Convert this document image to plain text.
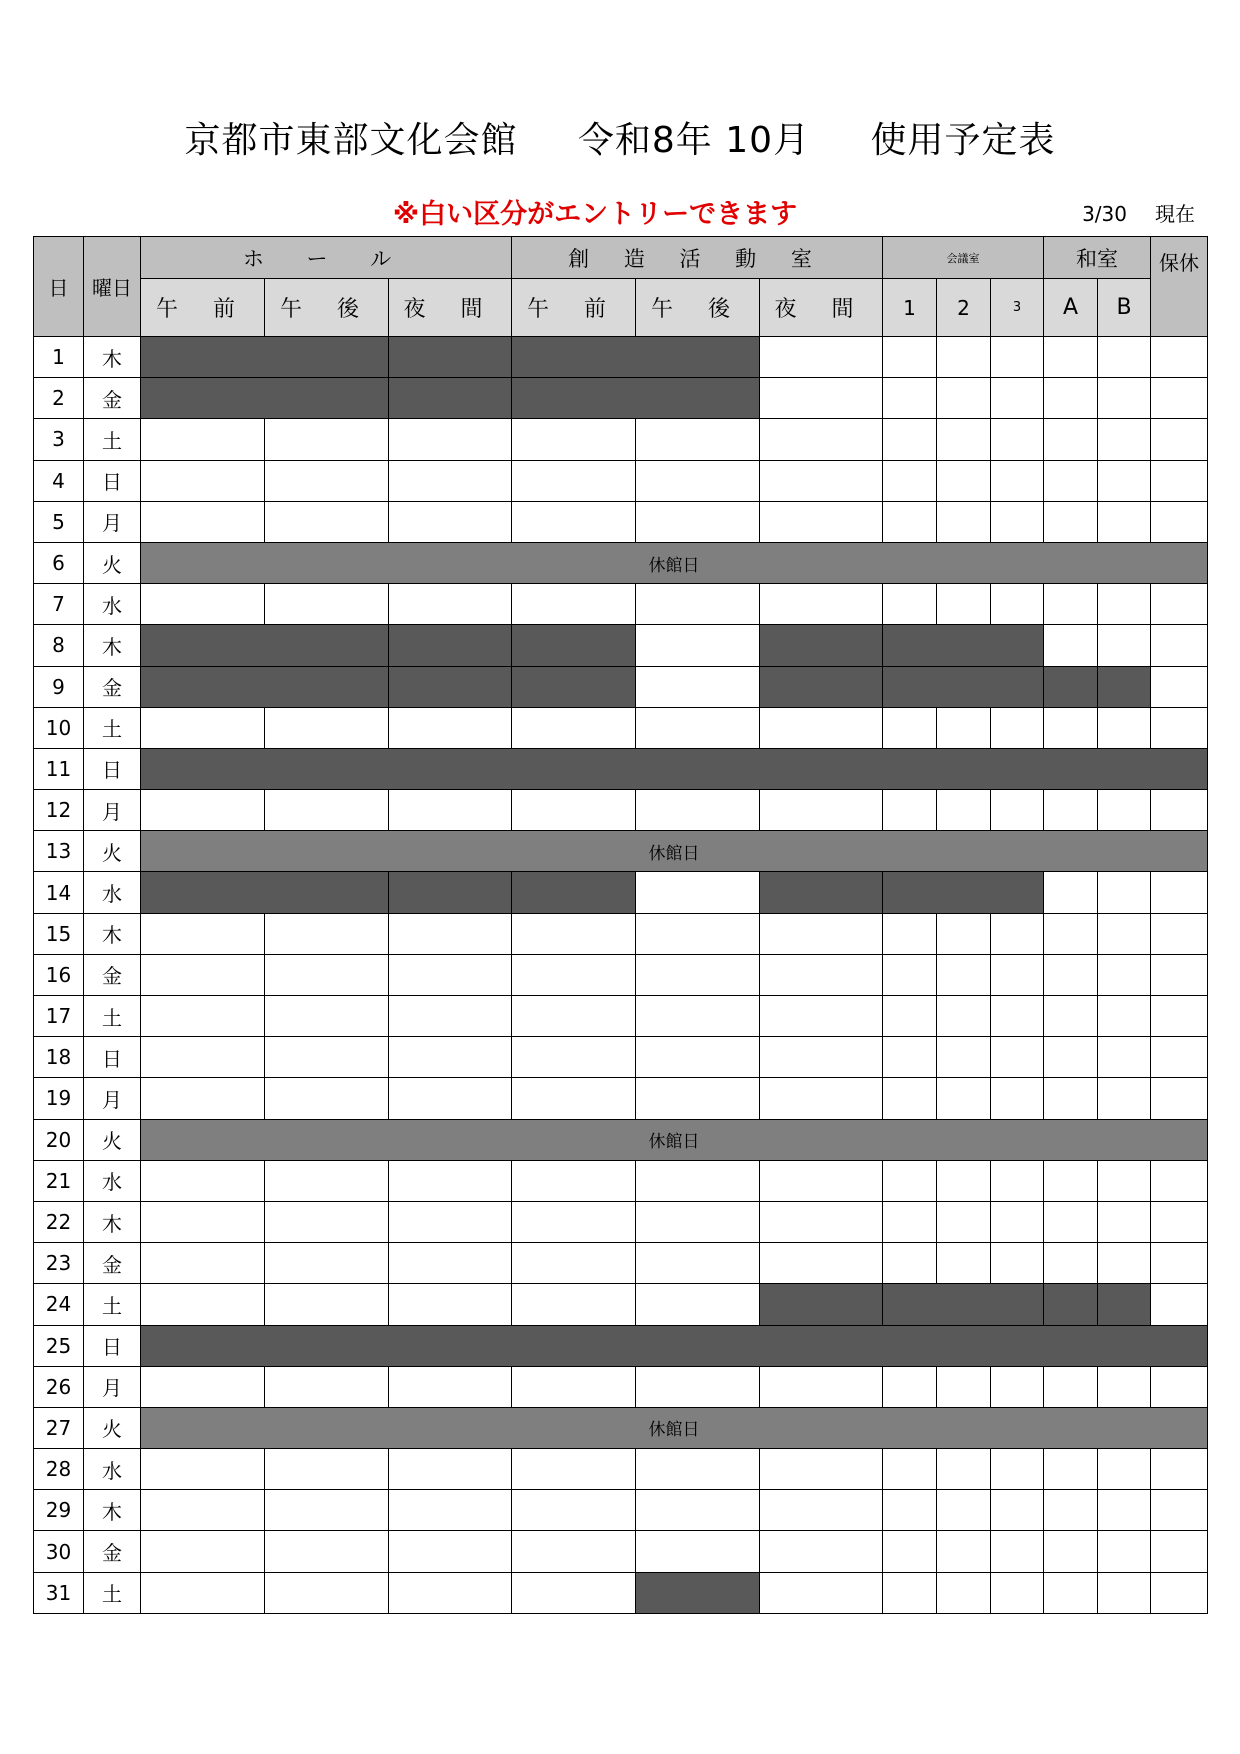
京都市東部文化会館 令和8年 10月 使用予定表
※白い区分がエントリーできます	3/30 現在
日	曜日	ホ ー ル			創 造 活 動 室			会議室			和室		保休
		午 前	午 後	夜 間	午 前	午 後	夜 間	1	2	3	A	B	
1	木												
2	金												
3	土												
4	日												
5	月												
6	火	休館日											
7	水												
8	木												
9	金												
10	土												
11	日												
12	月												
13	火	休館日											
14	水												
15	木												
16	金												
17	土												
18	日												
19	月												
20	火	休館日											
21	水												
22	木												
23	金												
24	土												
25	日												
26	月												
27	火	休館日											
28	水												
29	木												
30	金												
31	土												
